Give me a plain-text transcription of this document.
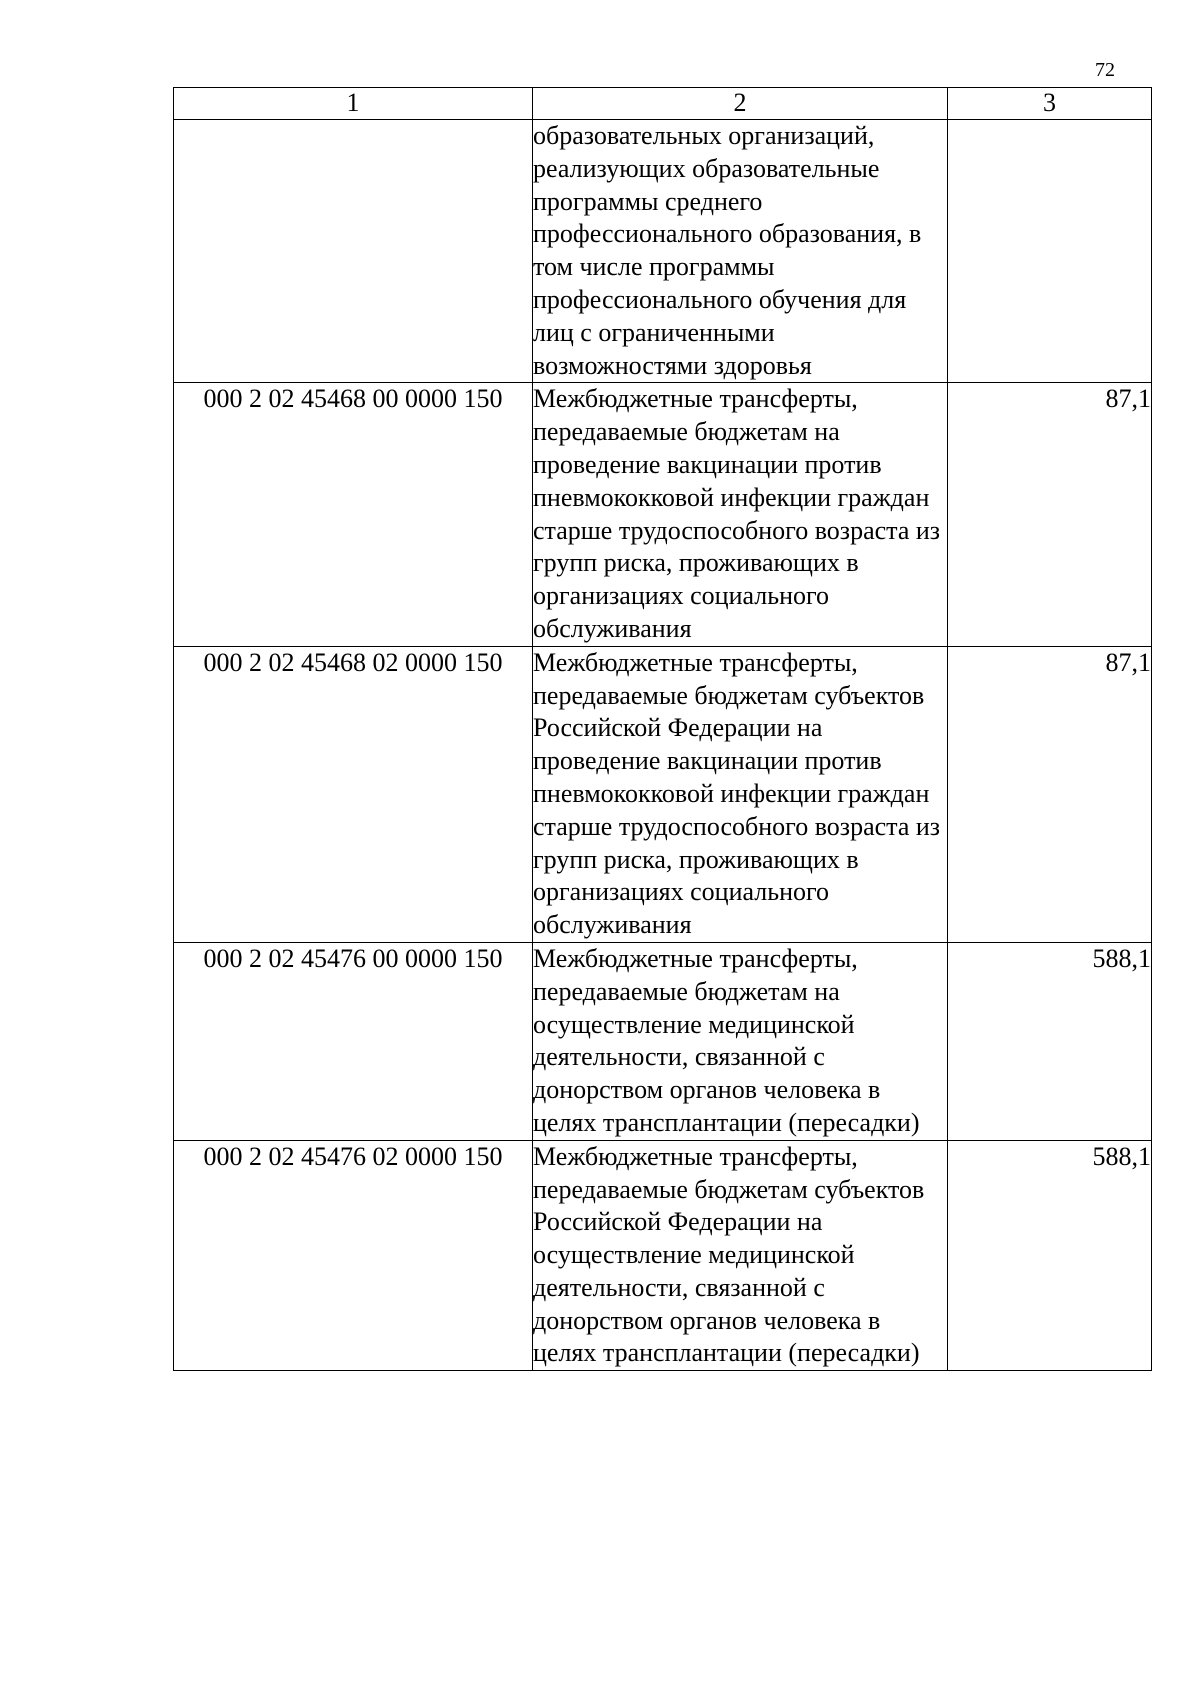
72
1	2	3
	образовательных организаций, реализующих образовательные программы среднего профессионального образования, в том числе программы профессионального обучения для лиц с ограниченными возможностями здоровья	
000 2 02 45468 00 0000 150	Межбюджетные трансферты, передаваемые бюджетам на проведение вакцинации против пневмококковой инфекции граждан старше трудоспособного возраста из групп риска, проживающих в организациях социального обслуживания	87,1
000 2 02 45468 02 0000 150	Межбюджетные трансферты, передаваемые бюджетам субъектов Российской Федерации на проведение вакцинации против пневмококковой инфекции граждан старше трудоспособного возраста из групп риска, проживающих в организациях социального обслуживания	87,1
000 2 02 45476 00 0000 150	Межбюджетные трансферты, передаваемые бюджетам на осуществление медицинской деятельности, связанной с донорством органов человека в целях трансплантации (пересадки)	588,1
000 2 02 45476 02 0000 150	Межбюджетные трансферты, передаваемые бюджетам субъектов Российской Федерации на осуществление медицинской деятельности, связанной с донорством органов человека в целях трансплантации (пересадки)	588,1
